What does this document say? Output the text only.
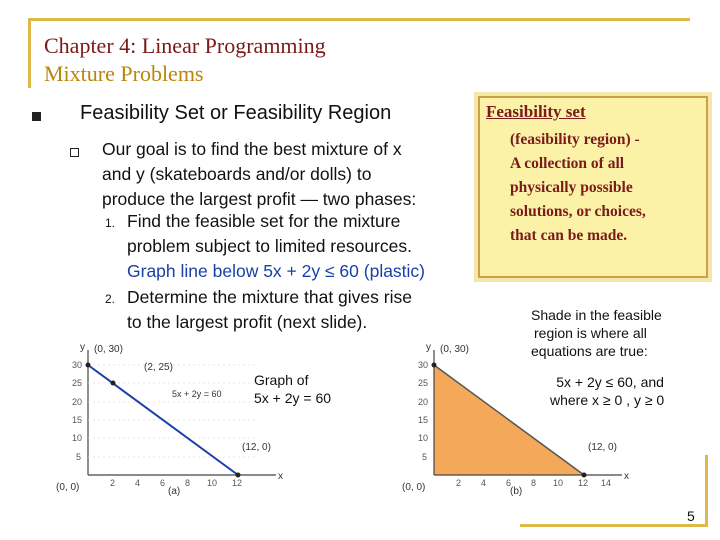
Chapter 4: Linear Programming
Mixture Problems
Feasibility Set or Feasibility Region
Our goal is to find the best mixture of x
and y (skateboards and/or dolls) to
produce the largest profit — two phases:
1. Find the feasible set for the mixture
problem subject to limited resources.
Graph line below 5x + 2y ≤ 60 (plastic)
2. Determine the mixture that gives rise
to the largest profit (next slide).
Feasibility set
(feasibility region) -
A collection of all
physically possible
solutions, or choices,
that can be made.
Shade in the feasible
region is where all
equations are true:
5x + 2y ≤ 60, and
where x ≥ 0 , y ≥ 0
Graph of
5x + 2y = 60
(0, 30)
(2, 25)
5x + 2y = 60
(12, 0)
(0, 0)
y
x
(a)
30
25
20
15
10
5
2 4 6 8 10 12
(0, 30)
(12, 0)
(0, 0)
y
x
(b)
30
25
20
15
10
5
2 4 6 8 10 12 14
5
